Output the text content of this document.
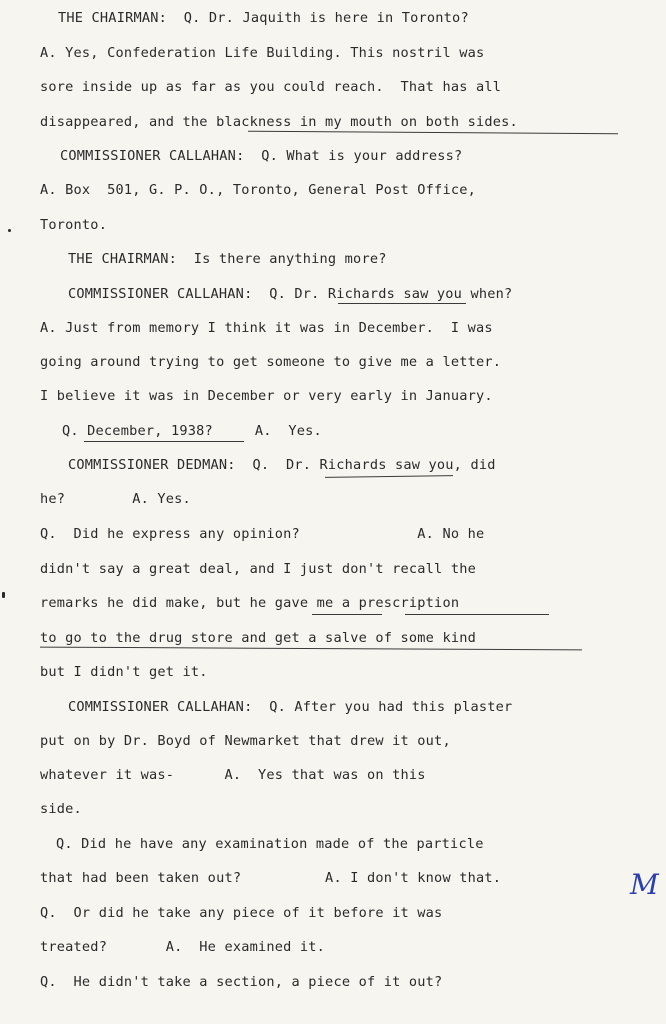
THE CHAIRMAN:  Q. Dr. Jaquith is here in Toronto?
A. Yes, Confederation Life Building. This nostril was
sore inside up as far as you could reach.  That has all
disappeared, and the blackness in my mouth on both sides.
COMMISSIONER CALLAHAN:  Q. What is your address?
A. Box  501, G. P. O., Toronto, General Post Office,
Toronto.
THE CHAIRMAN:  Is there anything more?
COMMISSIONER CALLAHAN:  Q. Dr. Richards saw you when?
A. Just from memory I think it was in December.  I was
going around trying to get someone to give me a letter.
I believe it was in December or very early in January.
Q. December, 1938?     A.  Yes.
COMMISSIONER DEDMAN:  Q.  Dr. Richards saw you, did
he?        A. Yes.
Q.  Did he express any opinion?              A. No he
didn't say a great deal, and I just don't recall the
remarks he did make, but he gave me a prescription
to go to the drug store and get a salve of some kind
but I didn't get it.
COMMISSIONER CALLAHAN:  Q. After you had this plaster
put on by Dr. Boyd of Newmarket that drew it out,
whatever it was-      A.  Yes that was on this
side.
Q. Did he have any examination made of the particle
that had been taken out?          A. I don't know that.
Q.  Or did he take any piece of it before it was
treated?       A.  He examined it.
Q.  He didn't take a section, a piece of it out?
M
